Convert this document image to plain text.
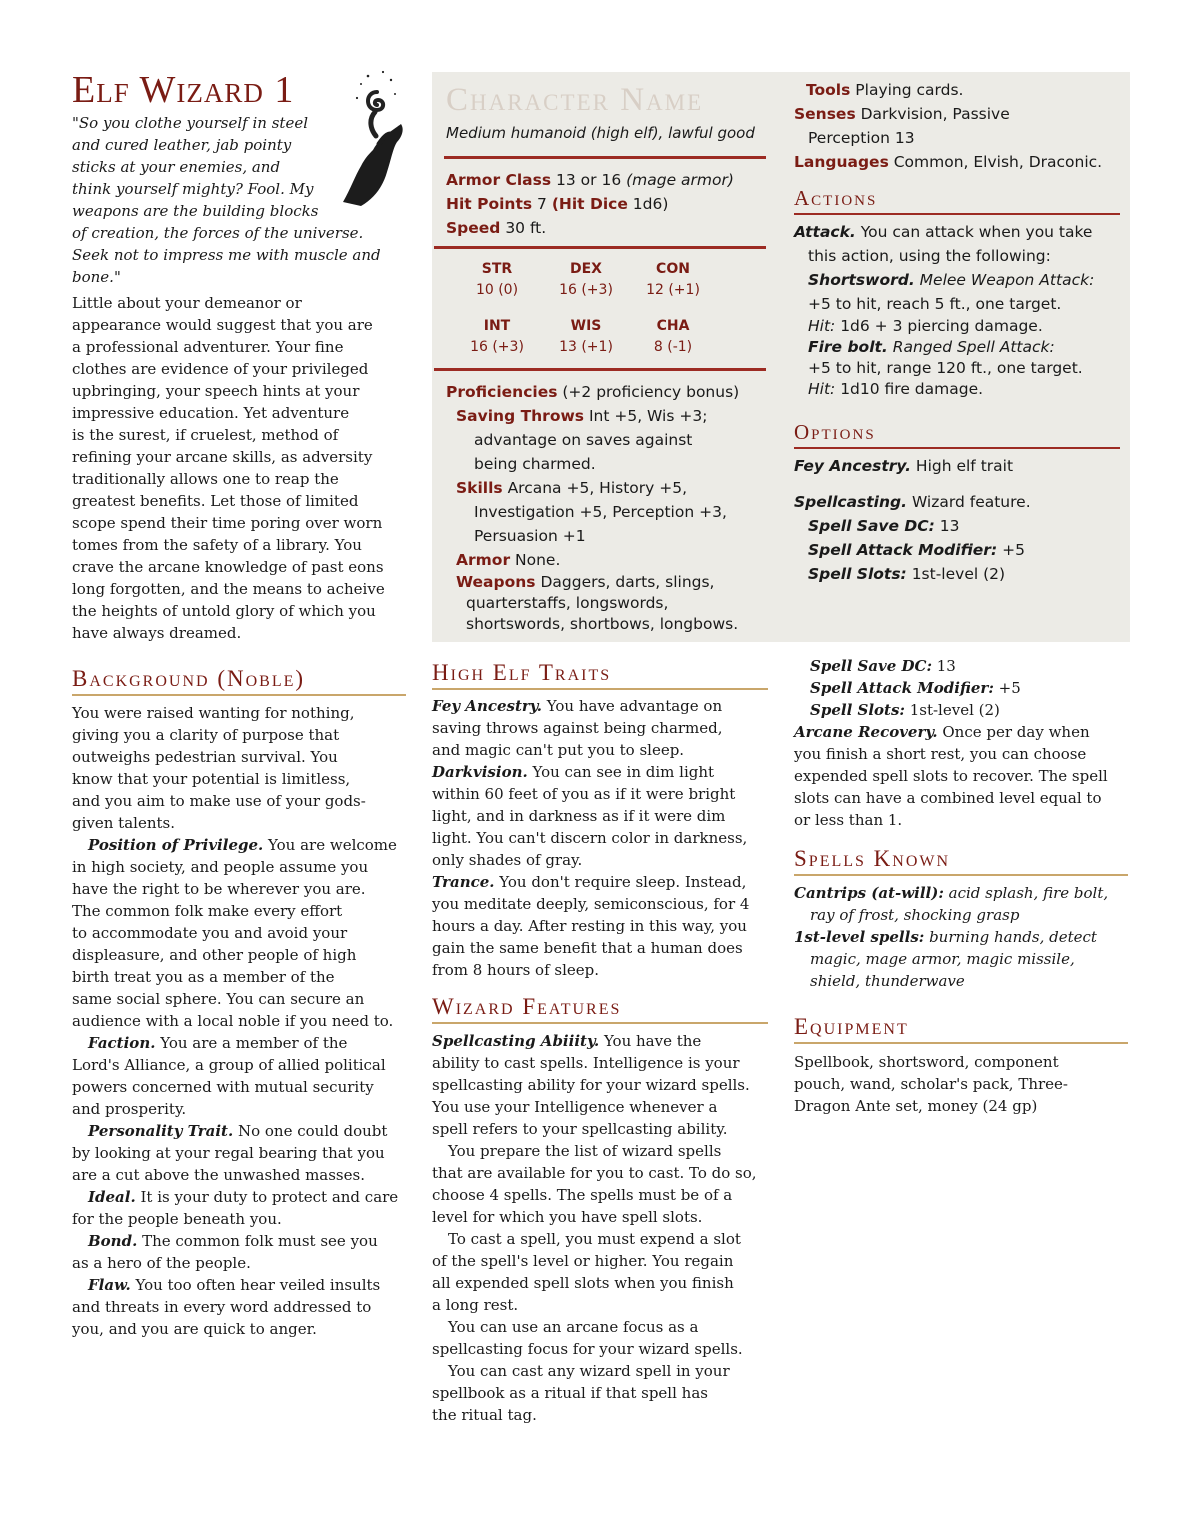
Elf Wizard 1
"So you clothe yourself in steel
and cured leather, jab pointy
sticks at your enemies, and
think yourself mighty? Fool. My
weapons are the building blocks
of creation, the forces of the universe.
Seek not to impress me with muscle and
bone."
Little about your demeanor or
appearance would suggest that you are
a professional adventurer. Your fine
clothes are evidence of your privileged
upbringing, your speech hints at your
impressive education. Yet adventure
is the surest, if cruelest, method of
refining your arcane skills, as adversity
traditionally allows one to reap the
greatest benefits. Let those of limited
scope spend their time poring over worn
tomes from the safety of a library. You
crave the arcane knowledge of past eons
long forgotten, and the means to acheive
the heights of untold glory of which you
have always dreamed.
Background (Noble)
You were raised wanting for nothing,
giving you a clarity of purpose that
outweighs pedestrian survival. You
know that your potential is limitless,
and you aim to make use of your gods-
given talents.
Position of Privilege. You are welcome
in high society, and people assume you
have the right to be wherever you are.
The common folk make every effort
to accommodate you and avoid your
displeasure, and other people of high
birth treat you as a member of the
same social sphere. You can secure an
audience with a local noble if you need to.
Faction. You are a member of the
Lord's Alliance, a group of allied political
powers concerned with mutual security
and prosperity.
Personality Trait. No one could doubt
by looking at your regal bearing that you
are a cut above the unwashed masses.
Ideal. It is your duty to protect and care
for the people beneath you.
Bond. The common folk must see you
as a hero of the people.
Flaw. You too often hear veiled insults
and threats in every word addressed to
you, and you are quick to anger.
Character Name
Medium humanoid (high elf), lawful good
Armor Class 13 or 16 (mage armor)
Hit Points 7 (Hit Dice 1d6)
Speed 30 ft.
STR
10 (0)
DEX
16 (+3)
CON
12 (+1)
INT
16 (+3)
WIS
13 (+1)
CHA
8 (-1)
Proficiencies (+2 proficiency bonus)
Saving Throws Int +5, Wis +3;
advantage on saves against
being charmed.
Skills Arcana +5, History +5,
Investigation +5, Perception +3,
Persuasion +1
Armor None.
Weapons Daggers, darts, slings,
quarterstaffs, longswords,
shortswords, shortbows, longbows.
Tools Playing cards.
Senses Darkvision, Passive
Perception 13
Languages Common, Elvish, Draconic.
Actions
Attack. You can attack when you take
this action, using the following:
Shortsword. Melee Weapon Attack:
+5 to hit, reach 5 ft., one target.
Hit: 1d6 + 3 piercing damage.
Fire bolt. Ranged Spell Attack:
+5 to hit, range 120 ft., one target.
Hit: 1d10 fire damage.
Options
Fey Ancestry. High elf trait
Spellcasting. Wizard feature.
Spell Save DC: 13
Spell Attack Modifier: +5
Spell Slots: 1st-level (2)
High Elf Traits
Fey Ancestry. You have advantage on
saving throws against being charmed,
and magic can't put you to sleep.
Darkvision. You can see in dim light
within 60 feet of you as if it were bright
light, and in darkness as if it were dim
light. You can't discern color in darkness,
only shades of gray.
Trance. You don't require sleep. Instead,
you meditate deeply, semiconscious, for 4
hours a day. After resting in this way, you
gain the same benefit that a human does
from 8 hours of sleep.
Wizard Features
Spellcasting Abiiity. You have the
ability to cast spells. Intelligence is your
spellcasting ability for your wizard spells.
You use your Intelligence whenever a
spell refers to your spellcasting ability.
You prepare the list of wizard spells
that are available for you to cast. To do so,
choose 4 spells. The spells must be of a
level for which you have spell slots.
To cast a spell, you must expend a slot
of the spell's level or higher. You regain
all expended spell slots when you finish
a long rest.
You can use an arcane focus as a
spellcasting focus for your wizard spells.
You can cast any wizard spell in your
spellbook as a ritual if that spell has
the ritual tag.
Spell Save DC: 13
Spell Attack Modifier: +5
Spell Slots: 1st-level (2)
Arcane Recovery. Once per day when
you finish a short rest, you can choose
expended spell slots to recover. The spell
slots can have a combined level equal to
or less than 1.
Spells Known
Cantrips (at-will): acid splash, fire bolt,
ray of frost, shocking grasp
1st-level spells: burning hands, detect
magic, mage armor, magic missile,
shield, thunderwave
Equipment
Spellbook, shortsword, component
pouch, wand, scholar's pack, Three-
Dragon Ante set, money (24 gp)
